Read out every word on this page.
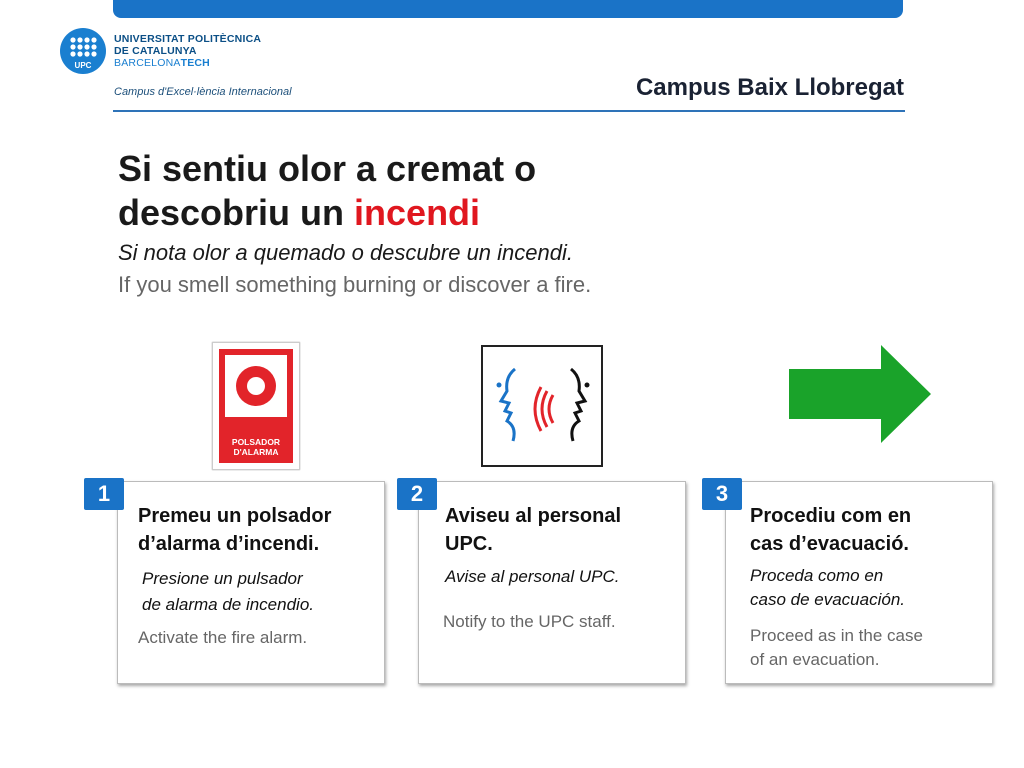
UPC
UNIVERSITAT POLITÈCNICA
DE CATALUNYA
BARCELONATECH
Campus d'Excel·lència Internacional	Campus Baix Llobregat
Si sentiu olor a cremat o
descobriu un incendi
Si nota olor a quemado o descubre un incendi.
If you smell something burning or discover a fire.
POLSADOR
D'ALARMA
1
Premeu un polsador
d’alarma d’incendi.
Presione un pulsador
de alarma de incendio.
Activate the fire alarm.
2
Aviseu al personal
UPC.
Avise al personal UPC.
Notify to the UPC staff.
3
Procediu com en
cas d’evacuació.
Proceda como en
caso de evacuación.
Proceed as in the case
of an evacuation.
